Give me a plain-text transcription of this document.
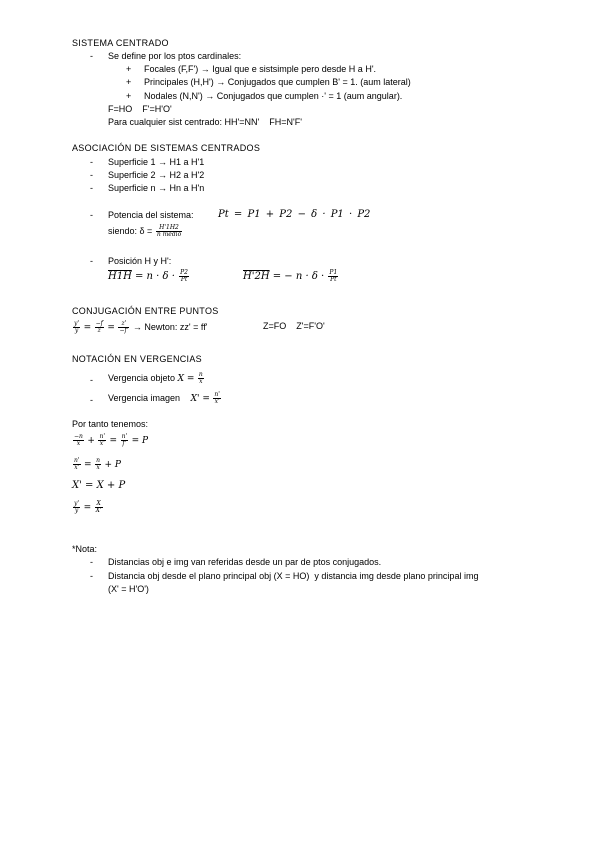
SISTEMA CENTRADO
- Se define por los ptos cardinales:
+ Focales (F,F') → Igual que e sistsimple pero desde H a H'.
+ Principales (H,H') → Conjugados que cumplen B' = 1. (aum lateral)
+ Nodales (N,N') → Conjugados que cumplen ·' = 1 (aum angular).
F=HO    F'=H'O'
Para cualquier sist centrado: HH'=NN'    FH=N'F'
ASOCIACIÓN DE SISTEMAS CENTRADOS
- Superficie 1 → H1 a H'1
- Superficie 2 → H2 a H'2
- Superficie n → Hn a H'n
- Potencia del sistema: Pt = P1 + P2 − δ · P1 · P2
siendo: $\delta = \frac{H'1H2}{\text{n medio}}$
- Posición H y H':
$H1H = n \cdot \delta \cdot \frac{P2}{Pt}$	H'2H = − $n \cdot \delta \cdot \frac{P1}{Pt}$
CONJUGACIÓN ENTRE PUNTOS
$\frac{y'}{y} = \frac{-f}{z} = \frac{z'}{-f'}$ → Newton: zz' = ff'	Z=FO    Z'=F'O'
NOTACIÓN EN VERGENCIAS
- Vergencia objeto $X = \frac{n}{x}$
- Vergencia imagen $X' = \frac{n'}{x'}$
Por tanto tenemos:
$\frac{-n}{x} + \frac{n'}{x'} = \frac{n'}{f'} = P$
$\frac{n'}{x'} = \frac{n}{x} + P$
X' = X + P
$\frac{y'}{y} = \frac{X}{X'}$
*Nota:
- Distancias obj e img van referidas desde un par de ptos conjugados.
- Distancia obj desde el plano principal obj (X = HO)  y distancia img desde plano principal img
(X' = H'O')
